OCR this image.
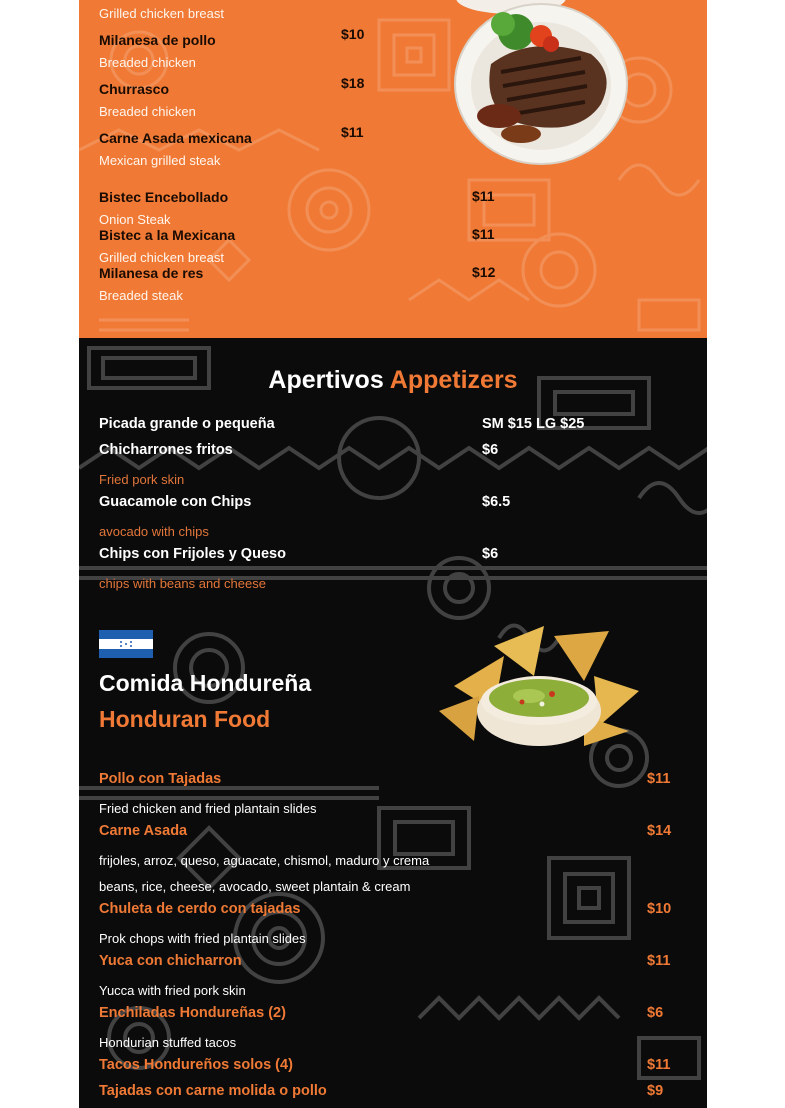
Grilled chicken breast
Milanesa de pollo	$10
Breaded chicken
Churrasco	$18
Breaded chicken
Carne Asada mexicana	$11
Mexican grilled steak
Bistec Encebollado	$11
Onion Steak
Bistec a la Mexicana	$11
Grilled chicken breast
Milanesa de res	$12
Breaded steak
Apertivos Appetizers
Picada grande o pequeña	SM $15 LG $25
Chicharrones fritos	$6
Fried pork skin
Guacamole con Chips	$6.5
avocado with chips
Chips con Frijoles y Queso	$6
chips with beans and cheese
Comida Hondureña
Honduran Food
Pollo con Tajadas	$11
Fried chicken and fried plantain slides
Carne Asada	$14
frijoles, arroz, queso, aguacate, chismol, maduro y crema
beans, rice, cheese, avocado, sweet plantain & cream
Chuleta de cerdo con tajadas	$10
Prok chops with fried plantain slides
Yuca con chicharron	$11
Yucca with fried pork skin
Enchiladas Hondureñas (2)	$6
Hondurian stuffed tacos
Tacos Hondureños solos (4)	$11
Tajadas con carne molida o pollo	$9
